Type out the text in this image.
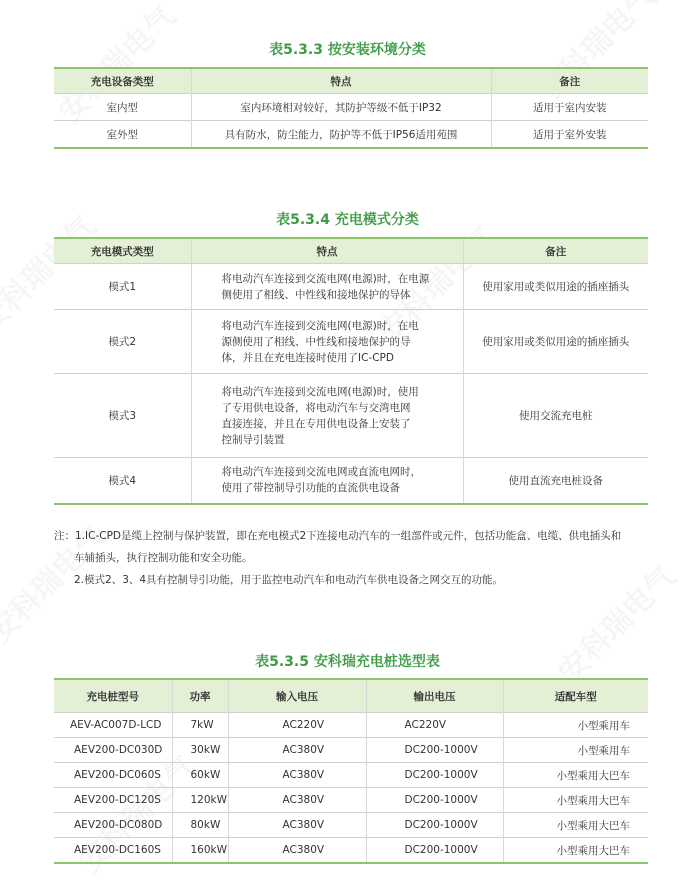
表5.3.3 按安装环境分类
充电设备类型	特点	备注
室内型	室内环境相对较好，其防护等级不低于IP32	适用于室内安装
室外型	具有防水，防尘能力，防护等不低于IP56适用苑围	适用于室外安装
表5.3.4 充电模式分类
充电模式类型	特点	备注
模式1	将电动汽车连接到交流电网(电源)时，在电源
侧使用了相线、中性线和接地保护的导体	使用家用或类似用途的插座插头
模式2	将电动汽车连接到交流电网(电源)时，在电
源侧使用了相线、中性线和接地保护的导
体，并且在充电连接时使用了IC-CPD	使用家用或类似用途的插座插头
模式3	将电动汽车连接到交流电网(电源)时，使用
了专用供电设备，将电动汽车与交湾电网
直接连接，并且在专用供电设备上安装了
控制导引装置	使用交流充电桩
模式4	将电动汽车连接到交流电网或直流电网时，
使用了带控制导引功能的直流供电设备	使用直流充电桩设备
注：1.IC-CPD是缆上控制与保护装置，即在充电模式2下连接电动汽车的一组部件或元件，包括功能盒、电缆、供电插头和
车辅插头，执行控制功能和安全功能。
2.模式2、3、4具有控制导引功能，用于监控电动汽车和电动汽车供电设备之网交互的功能。
表5.3.5 安科瑞充电桩选型表
充电桩型号	功率	输入电压	输出电压	适配车型
AEV-AC007D-LCD	7kW	AC220V	AC220V	小型乘用车
AEV200-DC030D	30kW	AC380V	DC200-1000V	小型乘用车
AEV200-DC060S	60kW	AC380V	DC200-1000V	小型乘用大巴车
AEV200-DC120S	120kW	AC380V	DC200-1000V	小型乘用大巴车
AEV200-DC080D	80kW	AC380V	DC200-1000V	小型乘用大巴车
AEV200-DC160S	160kW	AC380V	DC200-1000V	小型乘用大巴车
